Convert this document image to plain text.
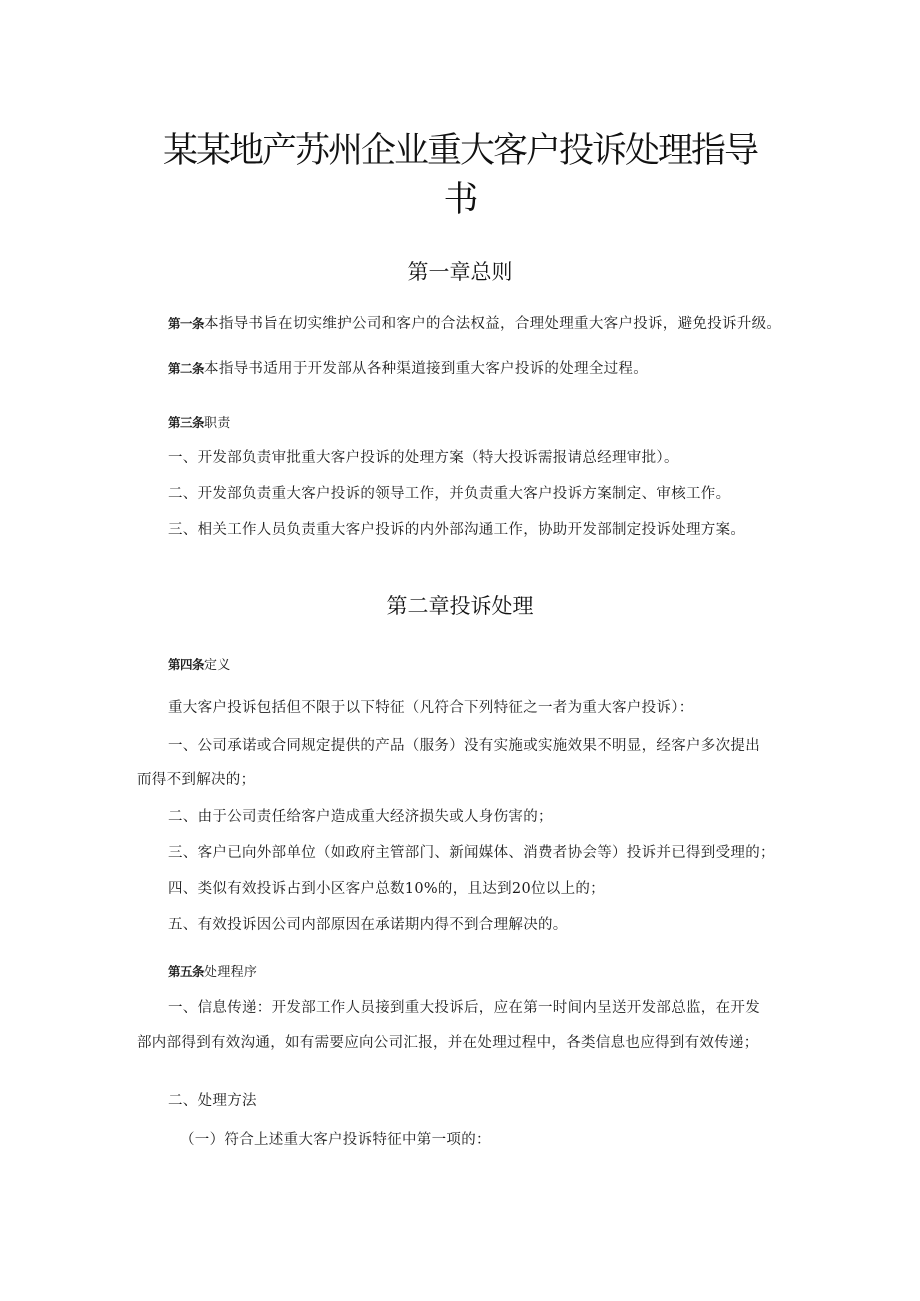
某某地产苏州企业重大客户投诉处理指导
书
第一章总则
第一条本指导书旨在切实维护公司和客户的合法权益，合理处理重大客户投诉，避免投诉升级。
第二条本指导书适用于开发部从各种渠道接到重大客户投诉的处理全过程。
第三条职责
一、开发部负责审批重大客户投诉的处理方案（特大投诉需报请总经理审批）。
二、开发部负责重大客户投诉的领导工作，并负责重大客户投诉方案制定、审核工作。
三、相关工作人员负责重大客户投诉的内外部沟通工作，协助开发部制定投诉处理方案。
第二章投诉处理
第四条定义
重大客户投诉包括但不限于以下特征（凡符合下列特征之一者为重大客户投诉）：
一、公司承诺或合同规定提供的产品（服务）没有实施或实施效果不明显，经客户多次提出
而得不到解决的；
二、由于公司责任给客户造成重大经济损失或人身伤害的；
三、客户已向外部单位（如政府主管部门、新闻媒体、消费者协会等）投诉并已得到受理的；
四、类似有效投诉占到小区客户总数10%的，且达到20位以上的；
五、有效投诉因公司内部原因在承诺期内得不到合理解决的。
第五条处理程序
一、信息传递：开发部工作人员接到重大投诉后，应在第一时间内呈送开发部总监，在开发
部内部得到有效沟通，如有需要应向公司汇报，并在处理过程中，各类信息也应得到有效传递；
二、处理方法
（一）符合上述重大客户投诉特征中第一项的：
